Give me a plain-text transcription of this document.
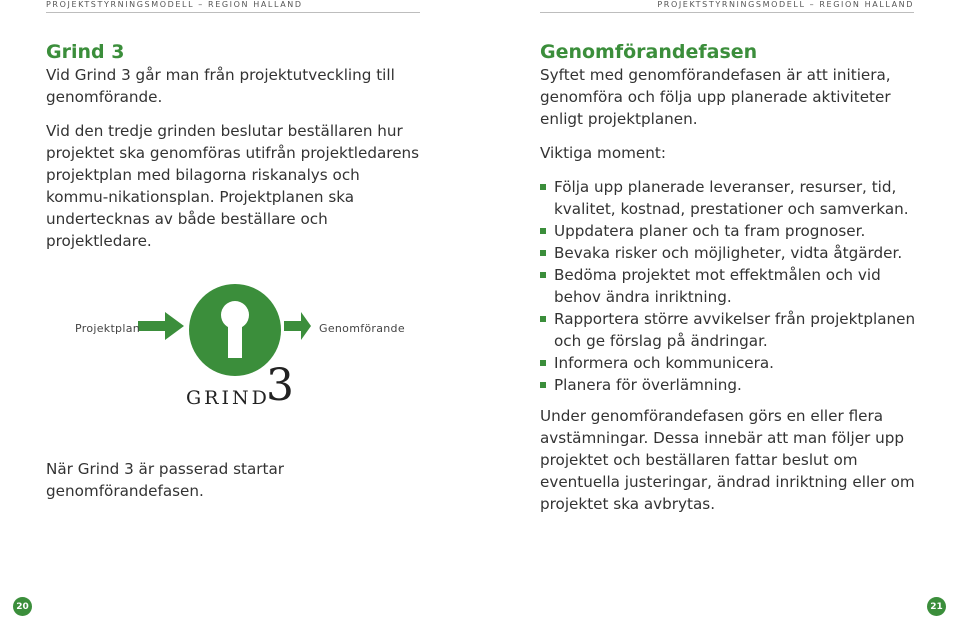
PROJEKTSTYRNINGSMODELL – REGION HALLAND	PROJEKTSTYRNINGSMODELL – REGION HALLAND
Grind 3

Vid Grind 3 går man från projektutveckling till genomförande.

Vid den tredje grinden beslutar beställaren hur projektet ska genomföras utifrån projektledarens projektplan med bilagorna riskanalys och kommu-nikationsplan. Projektplanen ska undertecknas av både beställare och projektledare.

Projektplan	Genomförande
GRIND
3

När Grind 3 är passerad startar genomförandefasen.

Genomförandefasen

Syftet med genomförandefasen är att initiera, genomföra och följa upp planerade aktiviteter enligt projektplanen.

Viktiga moment:

Följa upp planerade leveranser, resurser, tid, kvalitet, kostnad, prestationer och samverkan.
Uppdatera planer och ta fram prognoser.
Bevaka risker och möjligheter, vidta åtgärder.
Bedöma projektet mot effektmålen och vid behov ändra inriktning.
Rapportera större avvikelser från projektplanen och ge förslag på ändringar.
Informera och kommunicera.
Planera för överlämning.

Under genomförandefasen görs en eller flera avstämningar. Dessa innebär att man följer upp projektet och beställaren fattar beslut om eventuella justeringar, ändrad inriktning eller om projektet ska avbrytas.

20	21
